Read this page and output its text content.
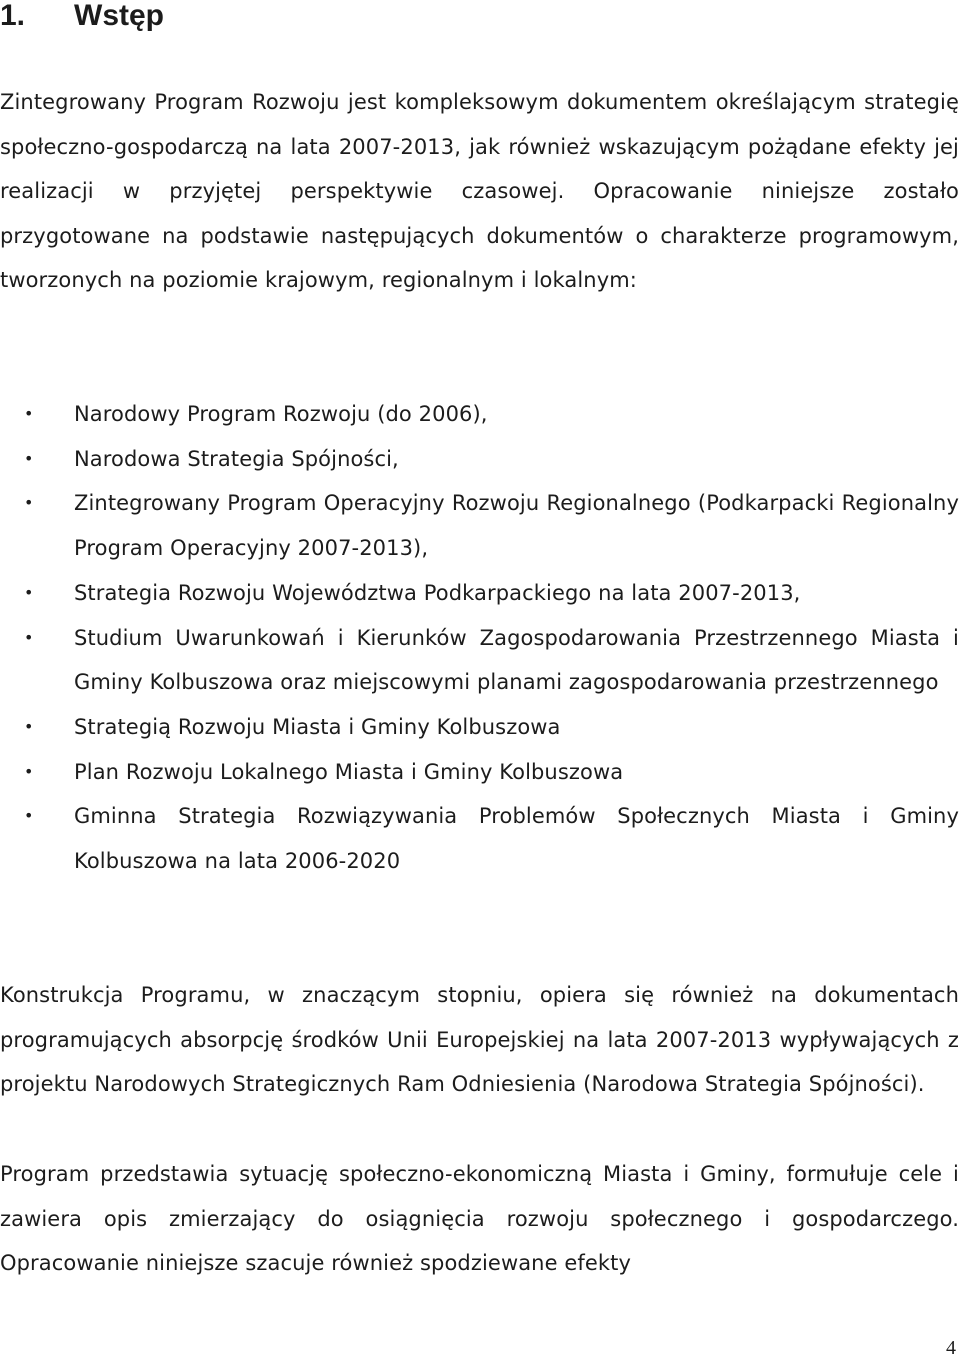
1. Wstęp

Zintegrowany Program Rozwoju jest kompleksowym dokumentem określającym strategię społeczno-gospodarczą na lata 2007-2013, jak również wskazującym pożądane efekty jej realizacji w przyjętej perspektywie czasowej. Opracowanie niniejsze zostało przygotowane na podstawie następujących dokumentów o charakterze programowym, tworzonych na poziomie krajowym, regionalnym i lokalnym:

• Narodowy Program Rozwoju (do 2006),
• Narodowa Strategia Spójności,
• Zintegrowany Program Operacyjny Rozwoju Regionalnego (Podkarpacki Regionalny Program Operacyjny 2007-2013),
• Strategia Rozwoju Województwa Podkarpackiego na lata 2007-2013,
• Studium Uwarunkowań i Kierunków Zagospodarowania Przestrzennego Miasta i Gminy Kolbuszowa oraz miejscowymi planami zagospodarowania przestrzennego
• Strategią Rozwoju Miasta i Gminy Kolbuszowa
• Plan Rozwoju Lokalnego Miasta i Gminy Kolbuszowa
• Gminna Strategia Rozwiązywania Problemów Społecznych Miasta i Gminy Kolbuszowa na lata 2006-2020

Konstrukcja Programu, w znaczącym stopniu, opiera się również na dokumentach programujących absorpcję środków Unii Europejskiej na lata 2007-2013 wypływających z projektu Narodowych Strategicznych Ram Odniesienia (Narodowa Strategia Spójności).

Program przedstawia sytuację społeczno-ekonomiczną Miasta i Gminy, formułuje cele i zawiera opis zmierzający do osiągnięcia rozwoju społecznego i gospodarczego. Opracowanie niniejsze szacuje również spodziewane efekty

4
